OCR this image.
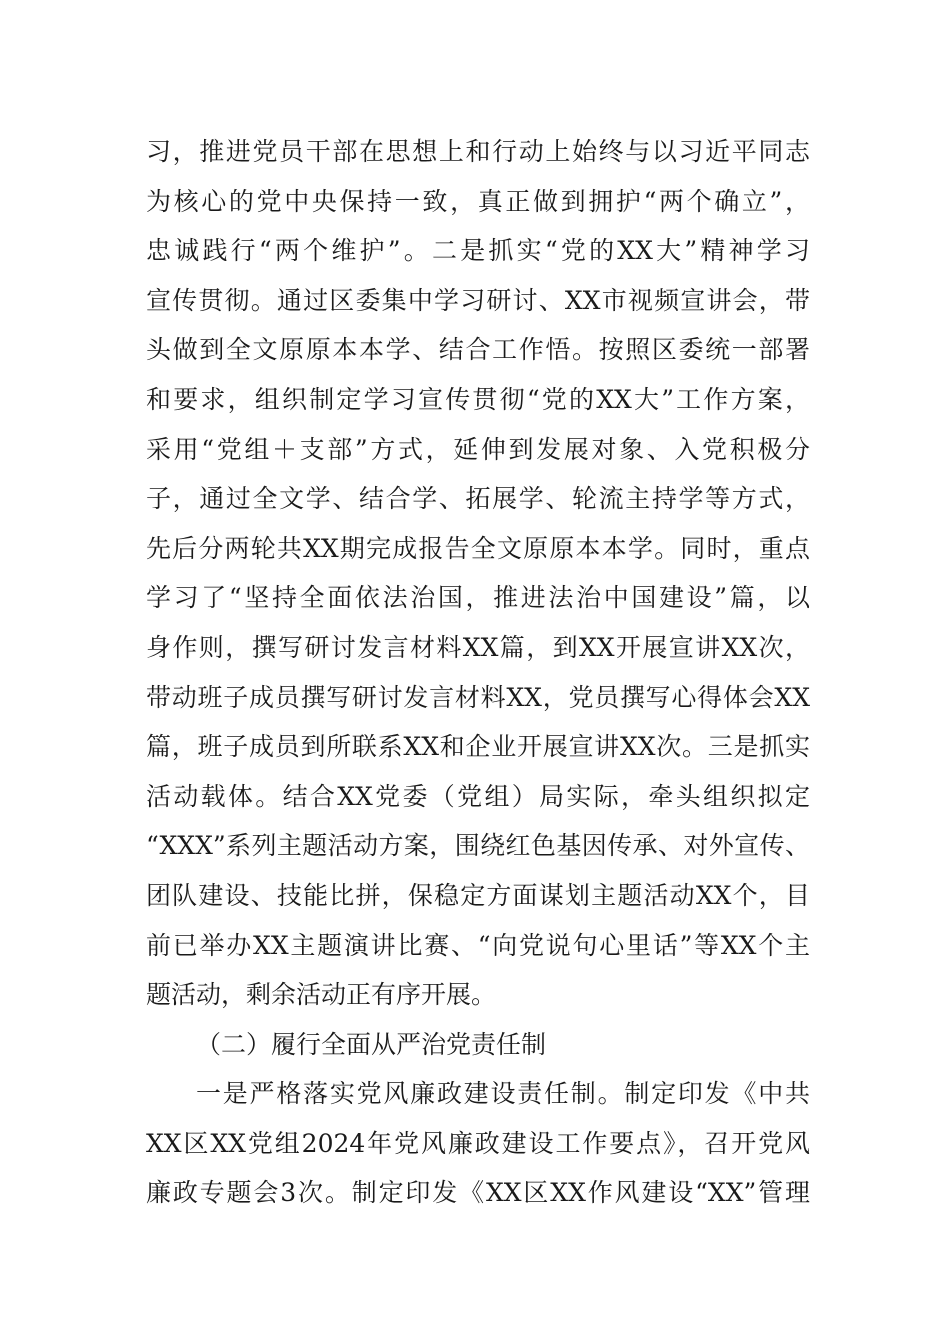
习，推进党员干部在思想上和行动上始终与以习近平同志
为核心的党中央保持一致，真正做到拥护“两个确立”，
忠诚践行“两个维护”。二是抓实“党的XX大”精神学习
宣传贯彻。通过区委集中学习研讨、XX市视频宣讲会，带
头做到全文原原本本学、结合工作悟。按照区委统一部署
和要求，组织制定学习宣传贯彻“党的XX大”工作方案，
采用“党组＋支部”方式，延伸到发展对象、入党积极分
子，通过全文学、结合学、拓展学、轮流主持学等方式，
先后分两轮共XX期完成报告全文原原本本学。同时，重点
学习了“坚持全面依法治国，推进法治中国建设”篇，以
身作则，撰写研讨发言材料XX篇，到XX开展宣讲XX次，
带动班子成员撰写研讨发言材料XX，党员撰写心得体会XX
篇，班子成员到所联系XX和企业开展宣讲XX次。三是抓实
活动载体。结合XX党委（党组）局实际，牵头组织拟定
“XXX”系列主题活动方案，围绕红色基因传承、对外宣传、
团队建设、技能比拼，保稳定方面谋划主题活动XX个，目
前已举办XX主题演讲比赛、“向党说句心里话”等XX个主
题活动，剩余活动正有序开展。
（二）履行全面从严治党责任制
一是严格落实党风廉政建设责任制。制定印发《中共
XX区XX党组2024年党风廉政建设工作要点》，召开党风
廉政专题会3次。制定印发《XX区XX作风建设“XX”管理
